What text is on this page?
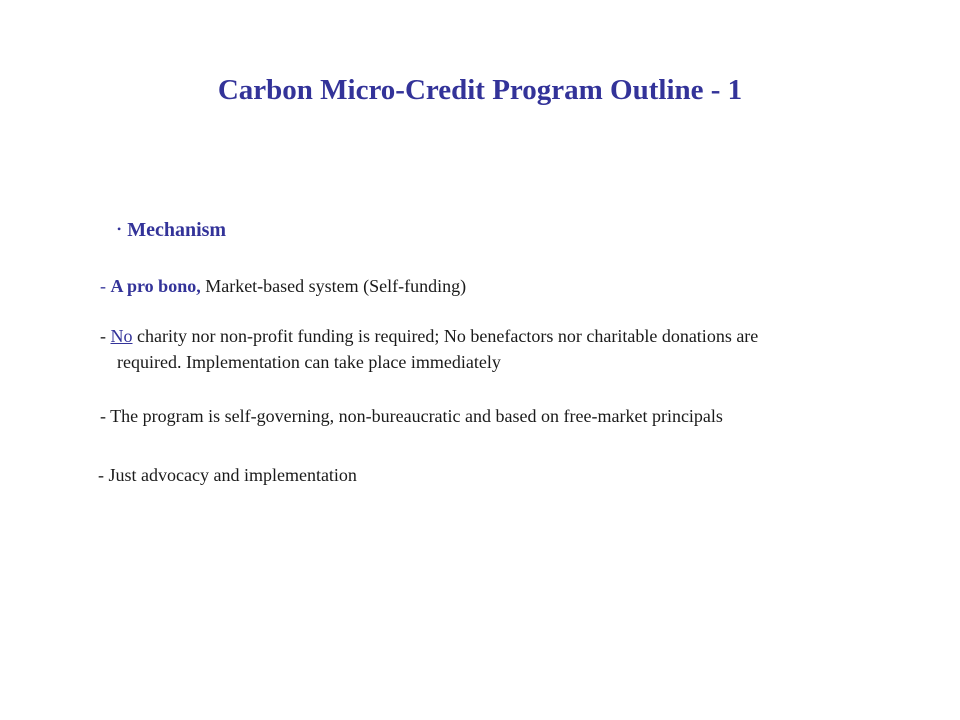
Carbon Micro-Credit Program Outline - 1
• Mechanism
- A pro bono, Market-based system (Self-funding)
- No charity nor non-profit funding is required; No benefactors nor charitable donations are
required. Implementation can take place immediately
- The program is self-governing, non-bureaucratic and based on free-market principals
- Just advocacy and implementation
